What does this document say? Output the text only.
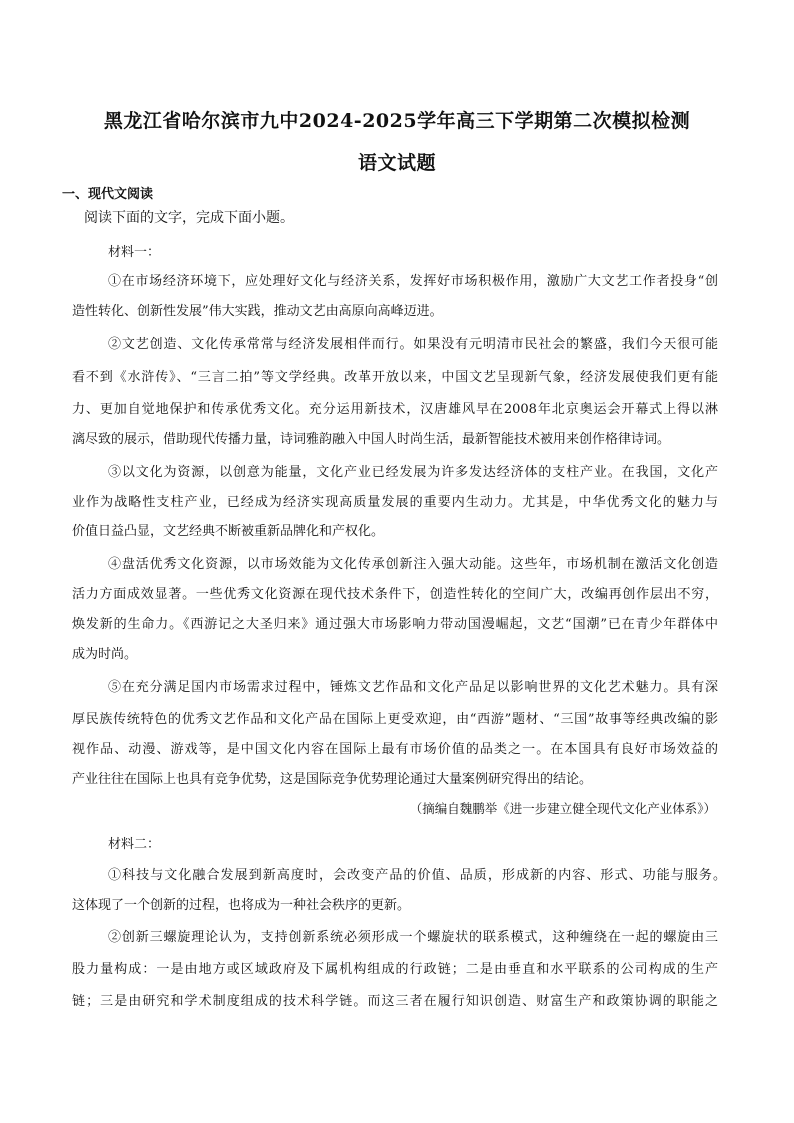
黑龙江省哈尔滨市九中2024-2025学年高三下学期第二次模拟检测
语文试题
一、现代文阅读
阅读下面的文字，完成下面小题。
材料一：
①在市场经济环境下，应处理好文化与经济关系，发挥好市场积极作用，激励广大文艺工作者投身“创
造性转化、创新性发展”伟大实践，推动文艺由高原向高峰迈进。
②文艺创造、文化传承常常与经济发展相伴而行。如果没有元明清市民社会的繁盛，我们今天很可能
看不到《水浒传》、“三言二拍”等文学经典。改革开放以来，中国文艺呈现新气象，经济发展使我们更有能
力、更加自觉地保护和传承优秀文化。充分运用新技术，汉唐雄风早在2008年北京奥运会开幕式上得以淋
漓尽致的展示，借助现代传播力量，诗词雅韵融入中国人时尚生活，最新智能技术被用来创作格律诗词。
③以文化为资源，以创意为能量，文化产业已经发展为许多发达经济体的支柱产业。在我国，文化产
业作为战略性支柱产业，已经成为经济实现高质量发展的重要内生动力。尤其是，中华优秀文化的魅力与
价值日益凸显，文艺经典不断被重新品牌化和产权化。
④盘活优秀文化资源，以市场效能为文化传承创新注入强大动能。这些年，市场机制在激活文化创造
活力方面成效显著。一些优秀文化资源在现代技术条件下，创造性转化的空间广大，改编再创作层出不穷，
焕发新的生命力。《西游记之大圣归来》通过强大市场影响力带动国漫崛起，文艺“国潮”已在青少年群体中
成为时尚。
⑤在充分满足国内市场需求过程中，锤炼文艺作品和文化产品足以影响世界的文化艺术魅力。具有深
厚民族传统特色的优秀文艺作品和文化产品在国际上更受欢迎，由“西游”题材、“三国”故事等经典改编的影
视作品、动漫、游戏等，是中国文化内容在国际上最有市场价值的品类之一。在本国具有良好市场效益的
产业往往在国际上也具有竞争优势，这是国际竞争优势理论通过大量案例研究得出的结论。
（摘编自魏鹏举《进一步建立健全现代文化产业体系》）
材料二：
①科技与文化融合发展到新高度时，会改变产品的价值、品质，形成新的内容、形式、功能与服务。
这体现了一个创新的过程，也将成为一种社会秩序的更新。
②创新三螺旋理论认为，支持创新系统必须形成一个螺旋状的联系模式，这种缠绕在一起的螺旋由三
股力量构成：一是由地方或区域政府及下属机构组成的行政链；二是由垂直和水平联系的公司构成的生产
链；三是由研究和学术制度组成的技术科学链。而这三者在履行知识创造、财富生产和政策协调的职能之
